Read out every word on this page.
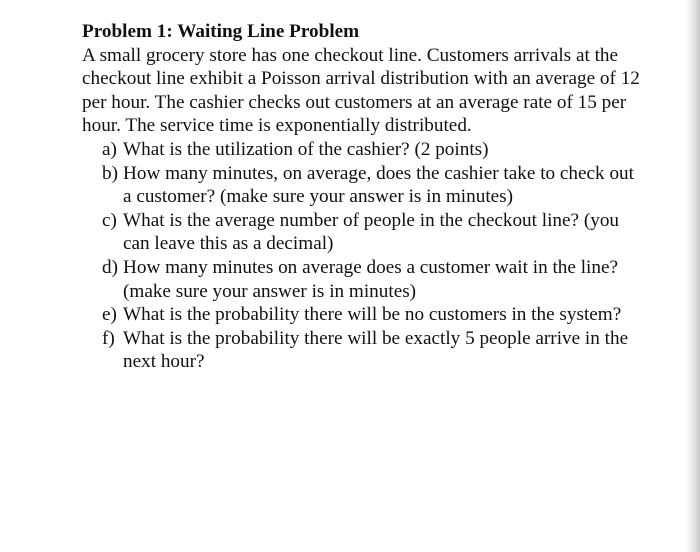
Problem 1: Waiting Line Problem

A small grocery store has one checkout line. Customers arrivals at the checkout line exhibit a Poisson arrival distribution with an average of 12 per hour. The cashier checks out customers at an average rate of 15 per hour. The service time is exponentially distributed.

a) What is the utilization of the cashier? (2 points)
b) How many minutes, on average, does the cashier take to check out a customer? (make sure your answer is in minutes)
c) What is the average number of people in the checkout line? (you can leave this as a decimal)
d) How many minutes on average does a customer wait in the line? (make sure your answer is in minutes)
e) What is the probability there will be no customers in the system?
f) What is the probability there will be exactly 5 people arrive in the next hour?
